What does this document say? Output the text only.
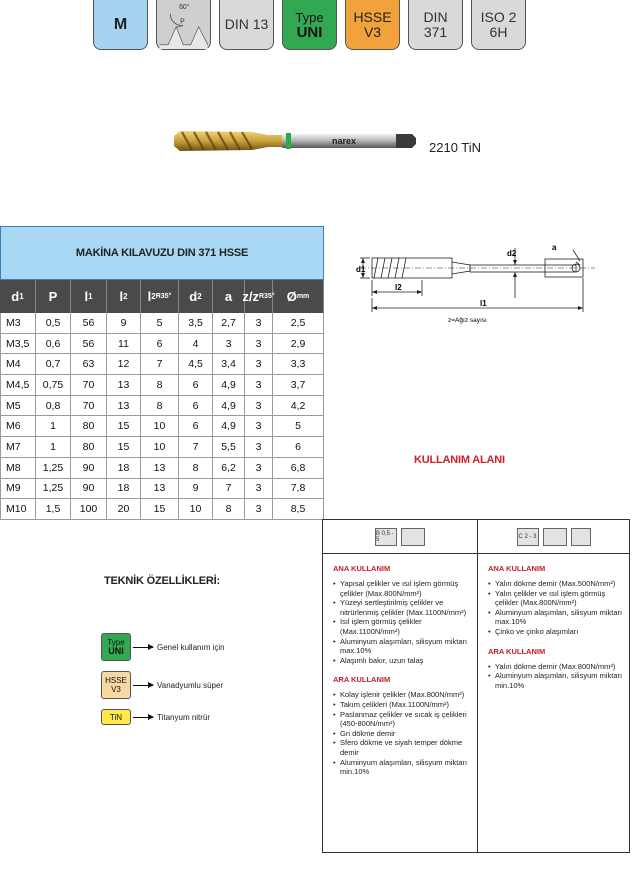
M
60°
P	DIN 13 Type
UNI
HSSE
V3
DIN
371
ISO 2
6H
narex	2210 TiN
MAKİNA KILAVUZU DIN 371 HSSE
d 1 P l 1 l 2 l 2 R35° d 2 a z/z R35° Ø mm
M3	0,5	56	9	5	3,5	2,7	3	2,5
M3,5	0,6	56	11	6	4	3	3	2,9
M4	0,7	63	12	7	4,5	3,4	3	3,3
M4,5	0,75	70	13	8	6	4,9	3	3,7
M5	0,8	70	13	8	6	4,9	3	4,2
M6	1	80	15	10	6	4,9	3	5
M7	1	80	15	10	7	5,5	3	6
M8	1,25	90	18	13	8	6,2	3	6,8
M9	1,25	90	18	13	9	7	3	7,8
M10	1,5	100	20	15	10	8	3	8,5
d1
d2
a
l2
l1
z=Ağız sayısı
KULLANIM ALANI
TEKNİK ÖZELLİKLERİ:
Type
UNI	Genel kullanım için
HSSE
V3	Vanadyumlu süper
TiN	Titanyum nitrür
B 0,5 - 5
ANA KULLANIM
• Yapısal çelikler ve ısıl işlem görmüş çelikler (Max.800N/mm²)
• Yüzeyi sertleştirilmiş çelikler ve nitrürlenmiş çelikler (Max.1100N/mm²)
• Isıl işlem görmüş çelikler (Max.1100N/mm²)
• Aluminyum alaşımları, silisyum miktarı max.10%
• Alaşımlı bakır, uzun talaş
ARA KULLANIM
• Kolay işlenir çelikler (Max.800N/mm²)
• Takım çelikleri (Max.1100N/mm²)
• Paslanmaz çelikler ve sıcak iş çelikleri (450-800N/mm²)
• Gri dökme demir
• Sfero dökme ve siyah temper dökme demir
• Aluminyum alaşımları, silisyum miktarı min.10%
C 2 - 3
ANA KULLANIM
• Yalın dökme demir (Max.500N/mm²)
• Yalın çelikler ve ısıl işlem görmüş çelikler (Max.800N/mm²)
• Aluminyum alaşımları, silisyum miktarı max.10%
• Çinko ve çinko alaşımları
ARA KULLANIM
• Yalın dökme demir (Max.800N/mm²)
• Aluminyum alaşımları, silisyum miktarı min.10%
